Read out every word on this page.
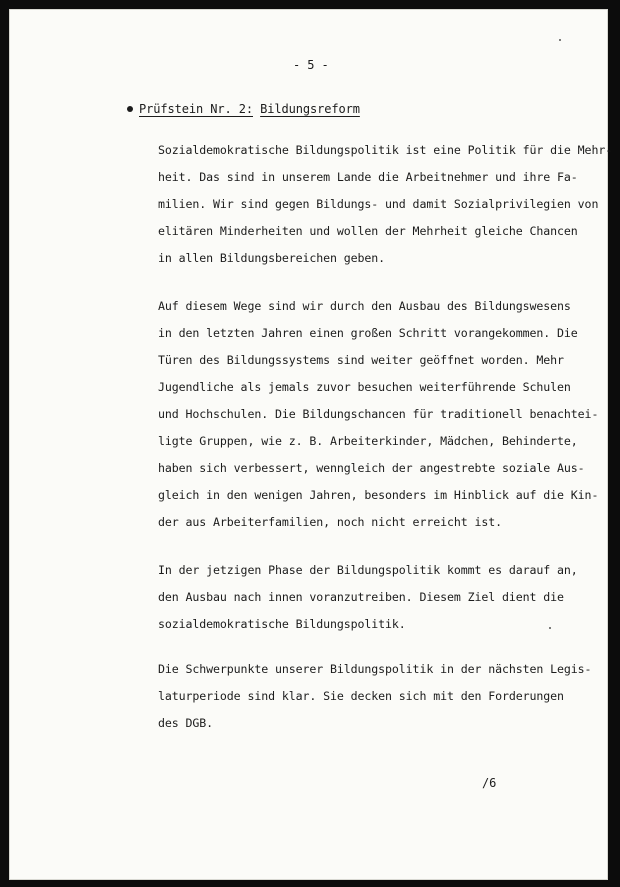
- 5 -
Prüfstein Nr. 2: Bildungsreform

Sozialdemokratische Bildungspolitik ist eine Politik für die Mehr-
heit. Das sind in unserem Lande die Arbeitnehmer und ihre Fa-
milien. Wir sind gegen Bildungs- und damit Sozialprivilegien von
elitären Minderheiten und wollen der Mehrheit gleiche Chancen
in allen Bildungsbereichen geben.

Auf diesem Wege sind wir durch den Ausbau des Bildungswesens
in den letzten Jahren einen großen Schritt vorangekommen. Die
Türen des Bildungssystems sind weiter geöffnet worden. Mehr
Jugendliche als jemals zuvor besuchen weiterführende Schulen
und Hochschulen. Die Bildungschancen für traditionell benachtei-
ligte Gruppen, wie z. B. Arbeiterkinder, Mädchen, Behinderte,
haben sich verbessert, wenngleich der angestrebte soziale Aus-
gleich in den wenigen Jahren, besonders im Hinblick auf die Kin-
der aus Arbeiterfamilien, noch nicht erreicht ist.

In der jetzigen Phase der Bildungspolitik kommt es darauf an,
den Ausbau nach innen voranzutreiben. Diesem Ziel dient die
sozialdemokratische Bildungspolitik.

Die Schwerpunkte unserer Bildungspolitik in der nächsten Legis-
laturperiode sind klar. Sie decken sich mit den Forderungen
des DGB.

/6
